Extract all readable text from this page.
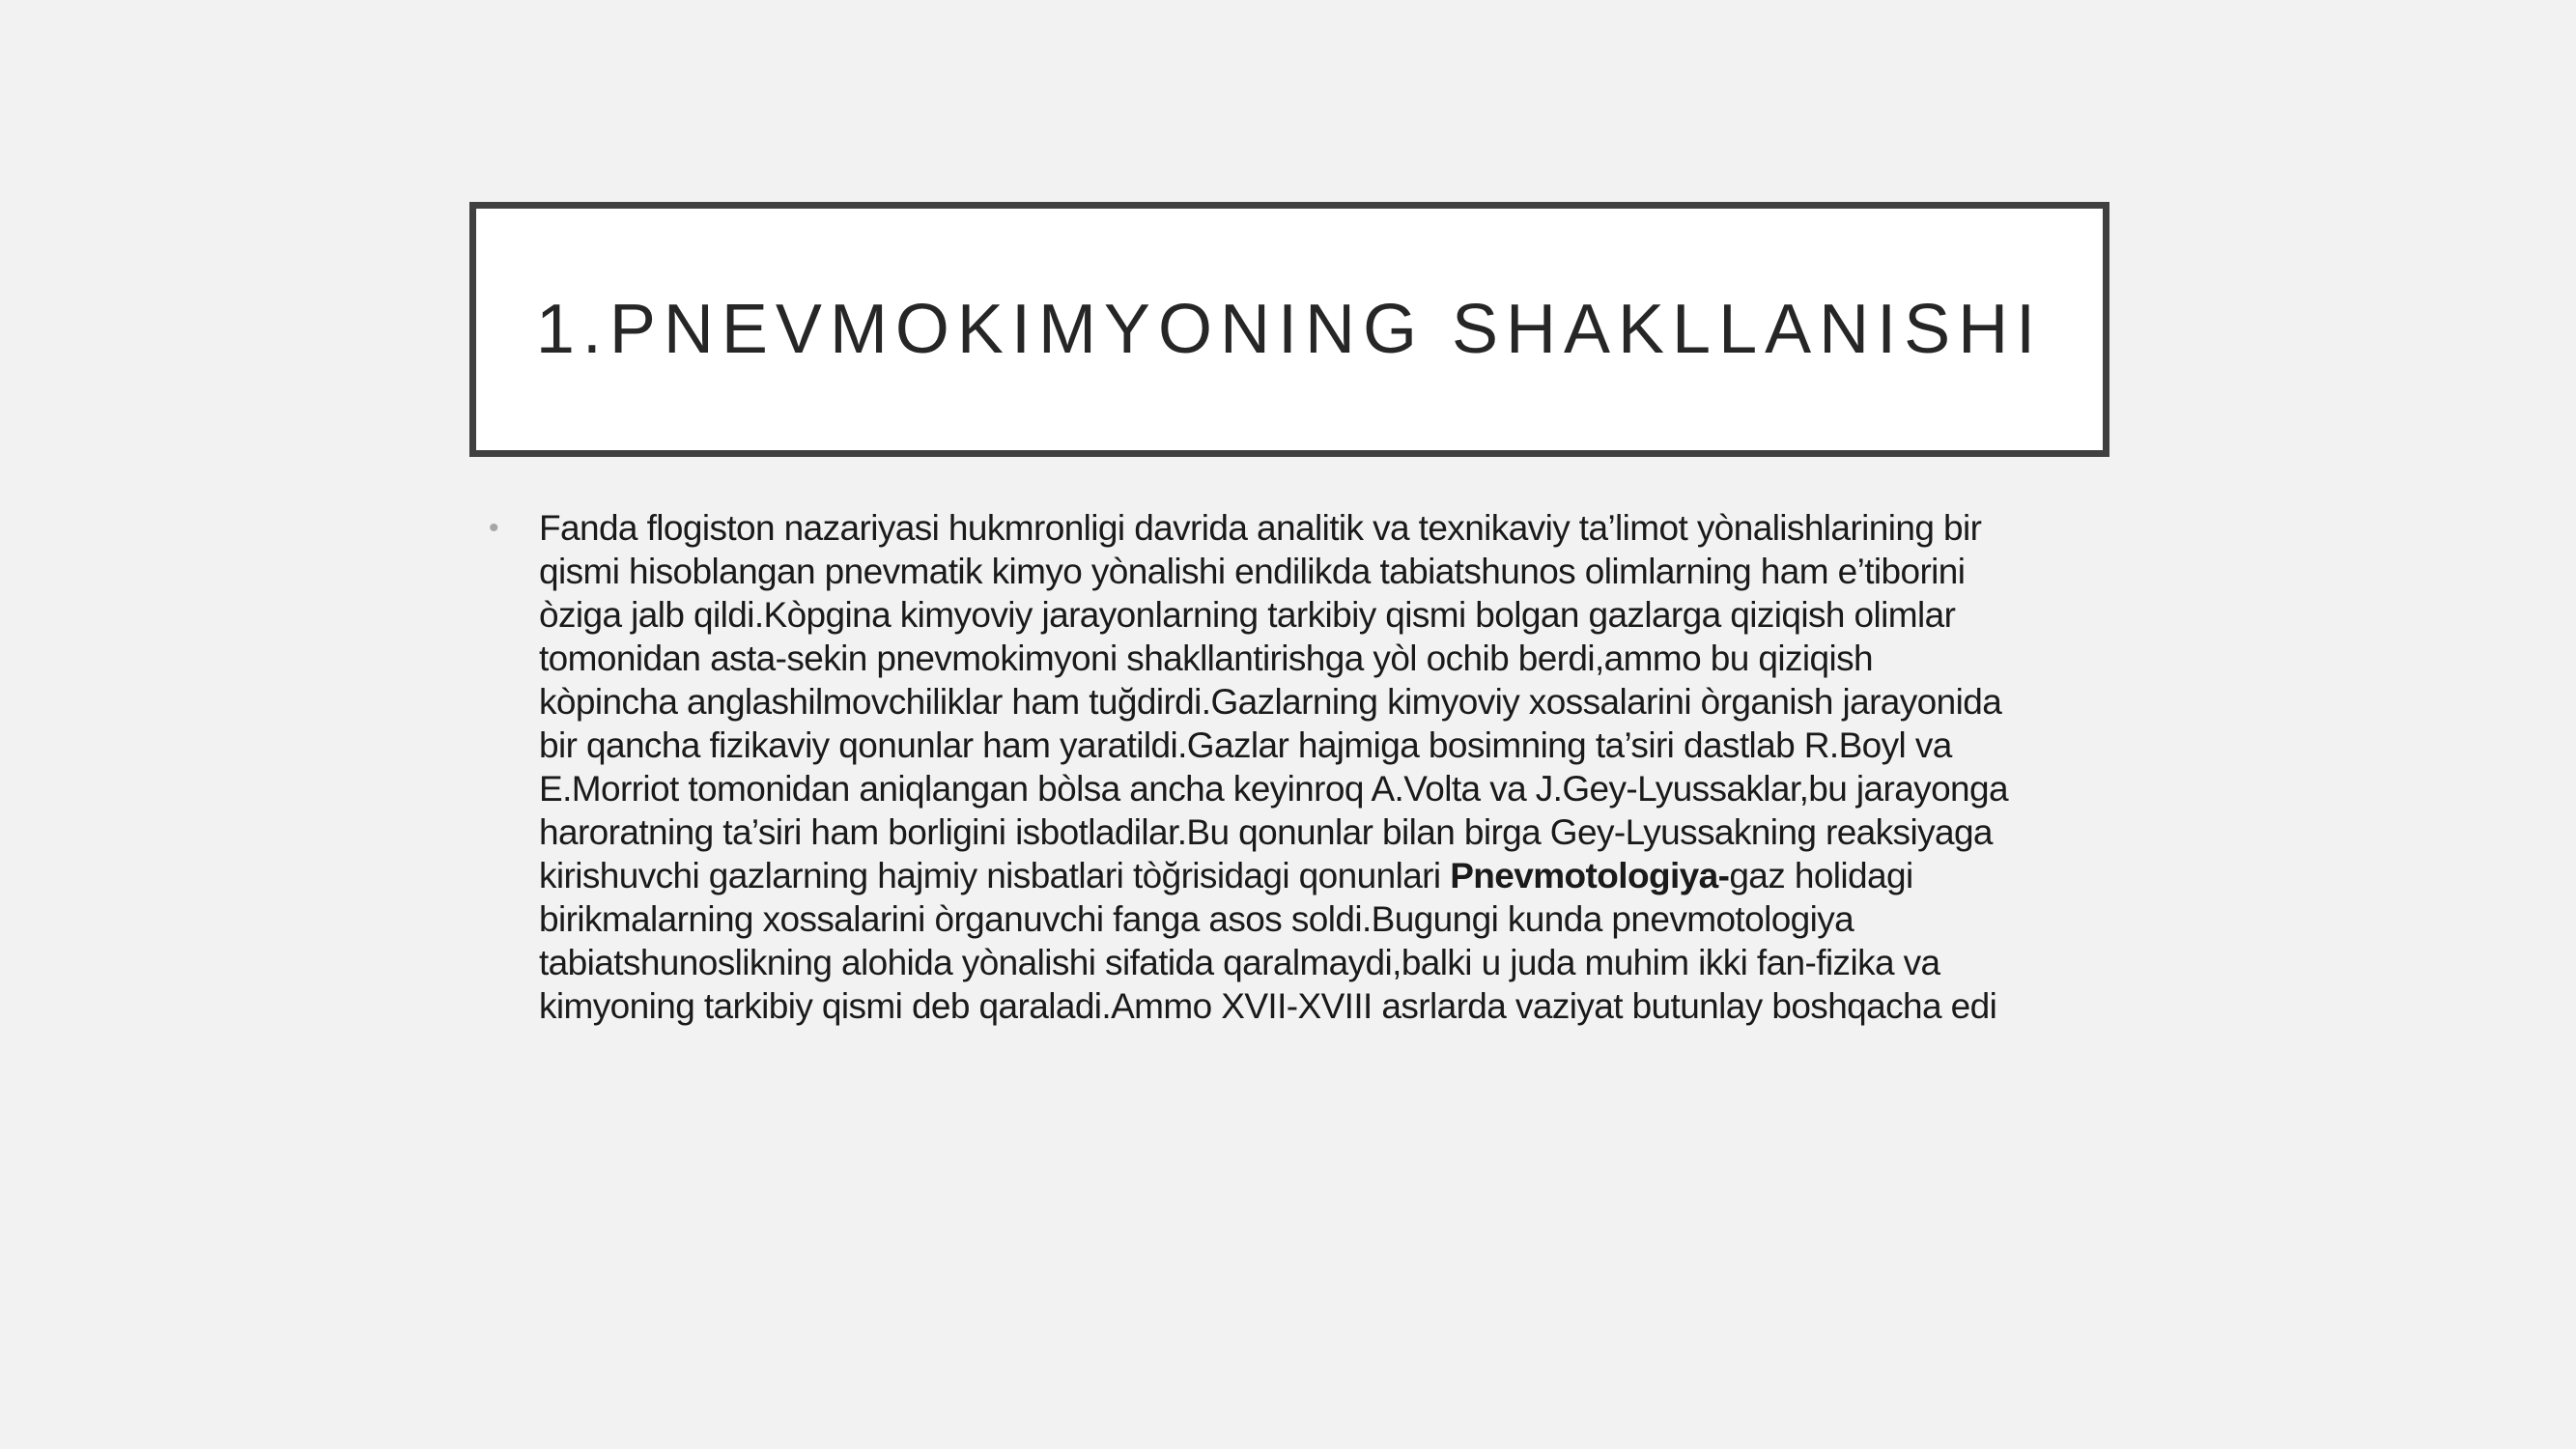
1.PNEVMOKIMYONING SHAKLLANISHI
•	Fanda flogiston nazariyasi hukmronligi davrida analitik va texnikaviy ta’limot yònalishlarining bir
qismi hisoblangan pnevmatik kimyo yònalishi endilikda tabiatshunos olimlarning ham e’tiborini
òziga jalb qildi.Kòpgina kimyoviy jarayonlarning tarkibiy qismi bolgan gazlarga qiziqish olimlar
tomonidan asta-sekin pnevmokimyoni shakllantirishga yòl ochib berdi,ammo bu qiziqish
kòpincha anglashilmovchiliklar ham tuğdirdi.Gazlarning kimyoviy xossalarini òrganish jarayonida
bir qancha fizikaviy qonunlar ham yaratildi.Gazlar hajmiga bosimning ta’siri dastlab R.Boyl va
E.Morriot tomonidan aniqlangan bòlsa ancha keyinroq A.Volta va J.Gey-Lyussaklar,bu jarayonga
haroratning ta’siri ham borligini isbotladilar.Bu qonunlar bilan birga Gey-Lyussakning reaksiyaga
kirishuvchi gazlarning hajmiy nisbatlari tòğrisidagi qonunlari Pnevmotologiya-gaz holidagi
birikmalarning xossalarini òrganuvchi fanga asos soldi.Bugungi kunda pnevmotologiya
tabiatshunoslikning alohida yònalishi sifatida qaralmaydi,balki u juda muhim ikki fan-fizika va
kimyoning tarkibiy qismi deb qaraladi.Ammo XVII-XVIII asrlarda vaziyat butunlay boshqacha edi
